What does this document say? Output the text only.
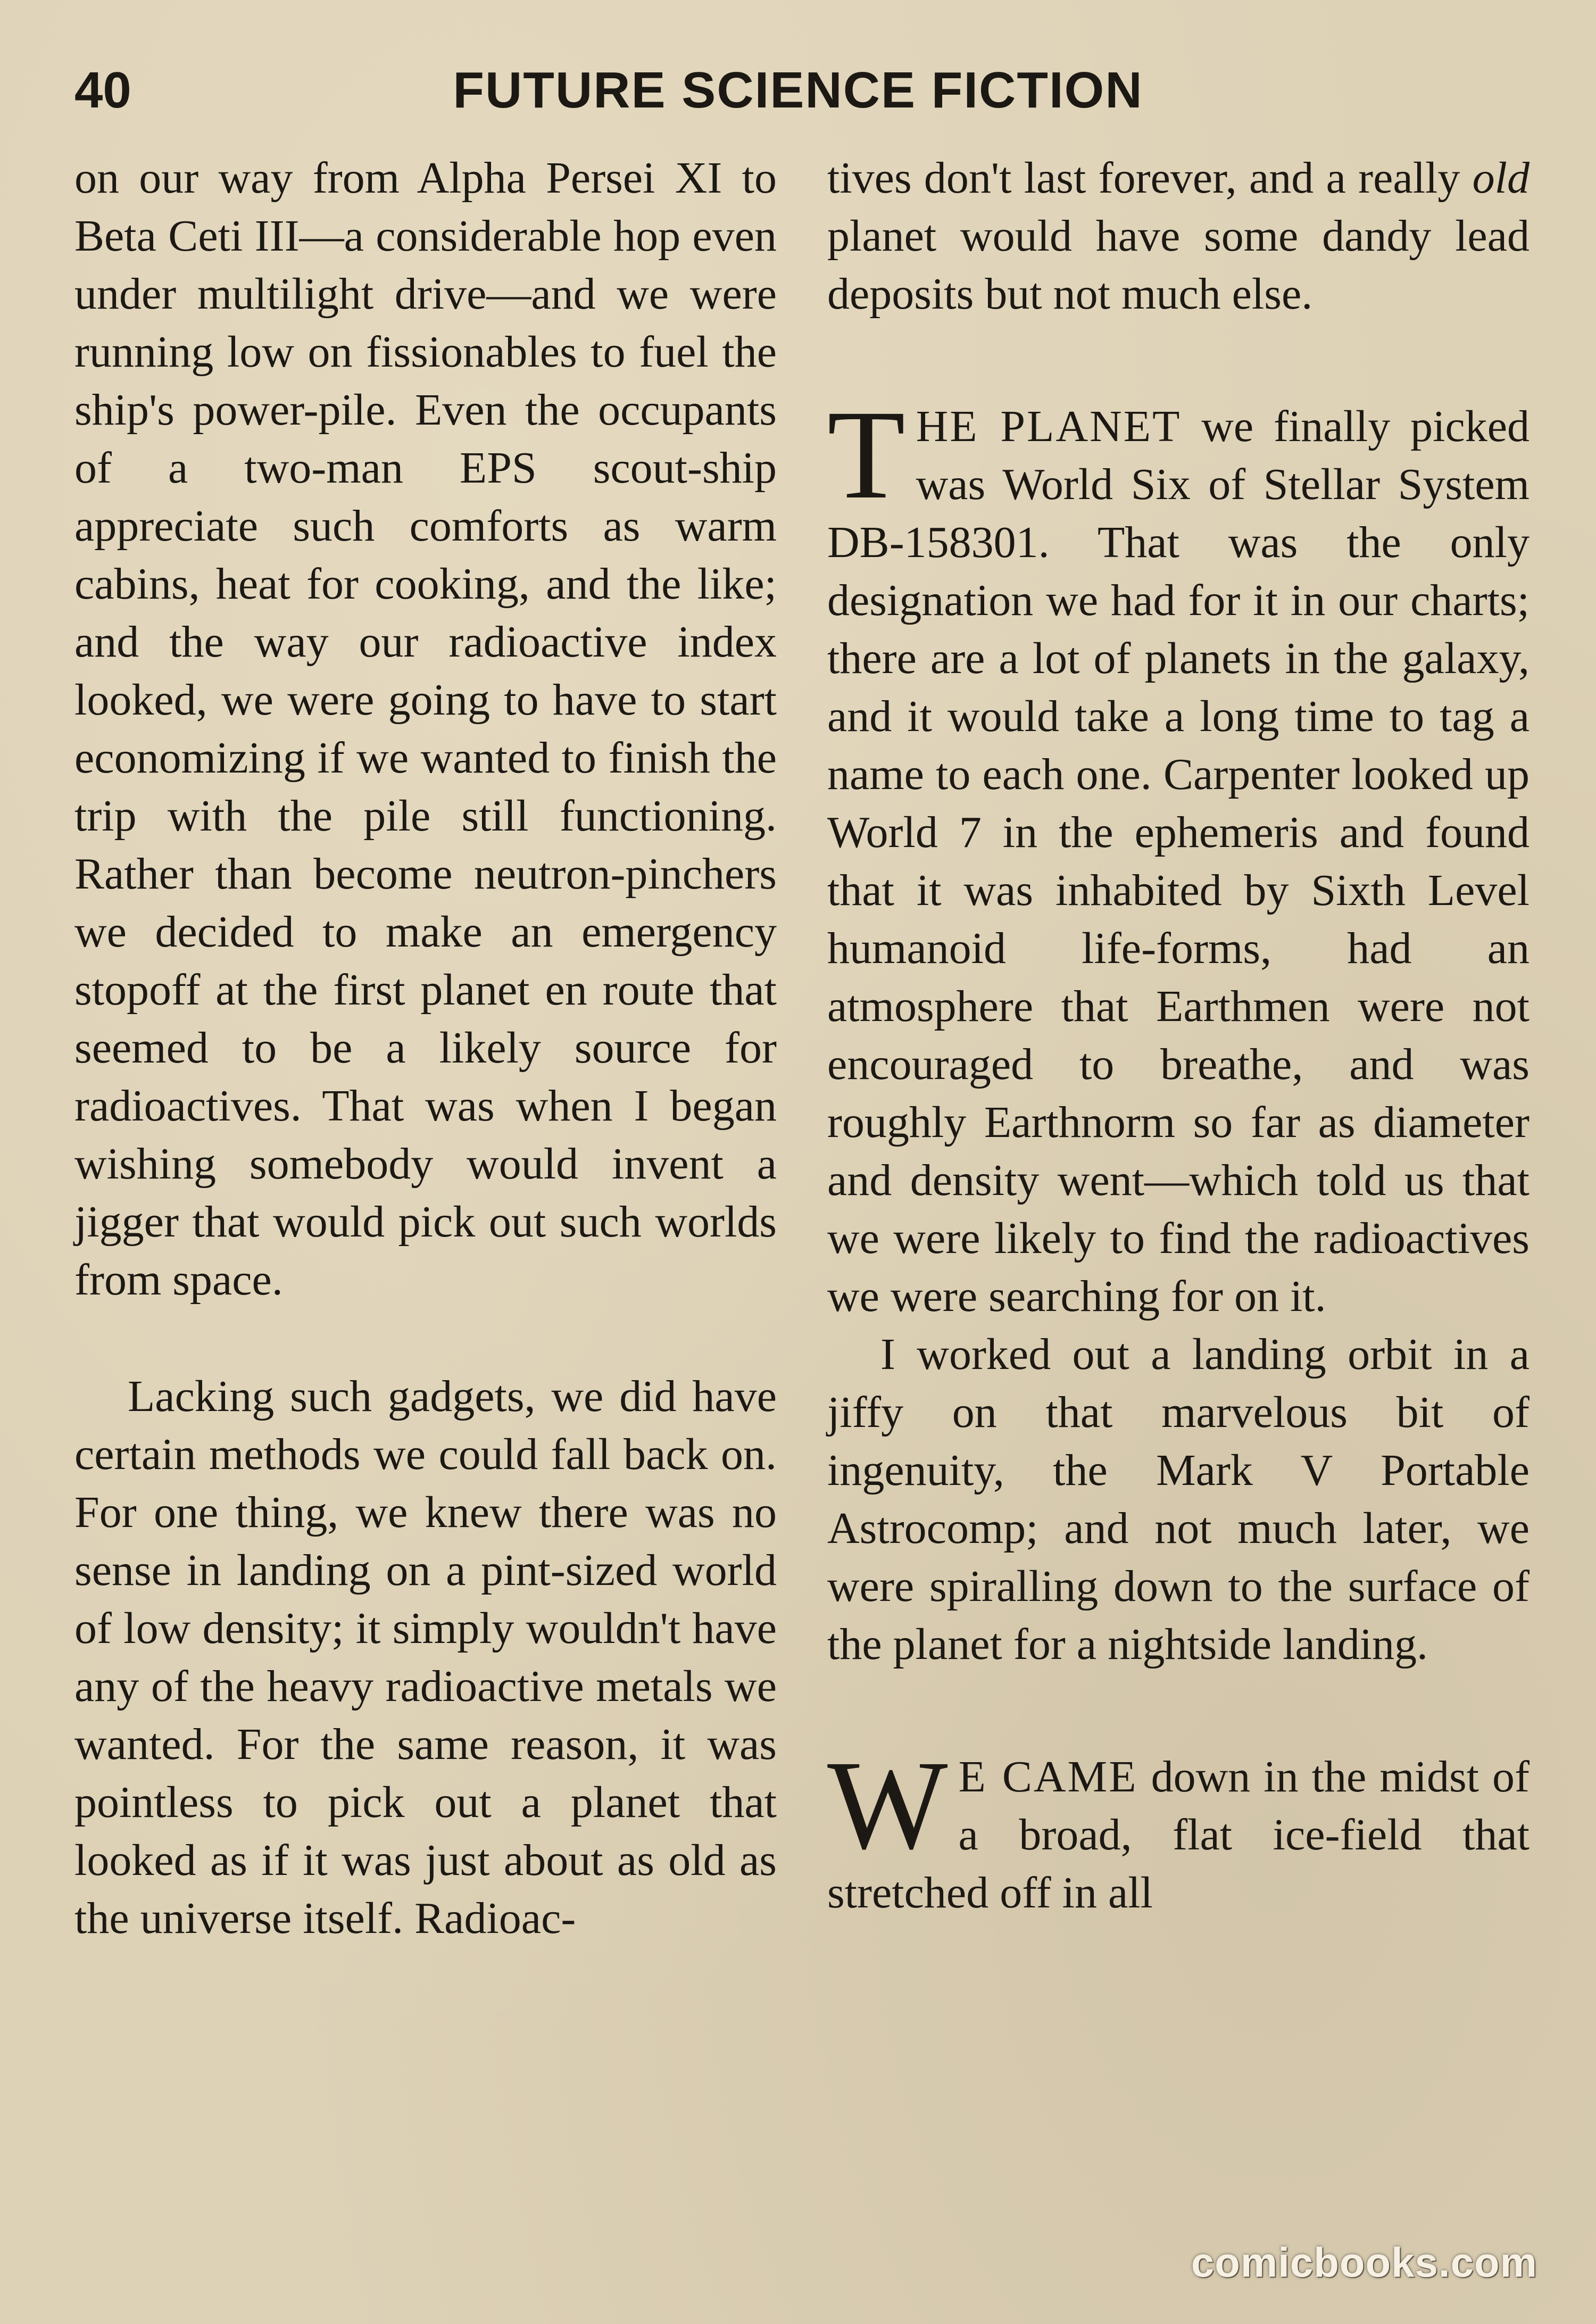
40	FUTURE SCIENCE FICTION

on our way from Alpha Persei XI to Beta Ceti III—a considerable hop even under multilight drive—and we were running low on fissionables to fuel the ship's power-pile. Even the occupants of a two-man EPS scout-ship appreciate such comforts as warm cabins, heat for cooking, and the like; and the way our radioactive index looked, we were going to have to start economizing if we wanted to finish the trip with the pile still functioning. Rather than become neutron-pinchers we decided to make an emergency stopoff at the first planet en route that seemed to be a likely source for radioactives. That was when I began wishing somebody would invent a jigger that would pick out such worlds from space.

Lacking such gadgets, we did have certain methods we could fall back on. For one thing, we knew there was no sense in landing on a pint-sized world of low density; it simply wouldn't have any of the heavy radioactive metals we wanted. For the same reason, it was pointless to pick out a planet that looked as if it was just about as old as the universe itself. Radioac-

tives don't last forever, and a really old planet would have some dandy lead deposits but not much else.

THE PLANET we finally picked was World Six of Stellar System DB-158301. That was the only designation we had for it in our charts; there are a lot of planets in the galaxy, and it would take a long time to tag a name to each one. Carpenter looked up World 7 in the ephemeris and found that it was inhabited by Sixth Level humanoid life-forms, had an atmosphere that Earthmen were not encouraged to breathe, and was roughly Earthnorm so far as diameter and density went—which told us that we were likely to find the radioactives we were searching for on it.

I worked out a landing orbit in a jiffy on that marvelous bit of ingenuity, the Mark V Portable Astrocomp; and not much later, we were spiralling down to the surface of the planet for a nightside landing.

W E CAME down in the midst of a broad, flat ice-field that stretched off in all

comicbooks.com
